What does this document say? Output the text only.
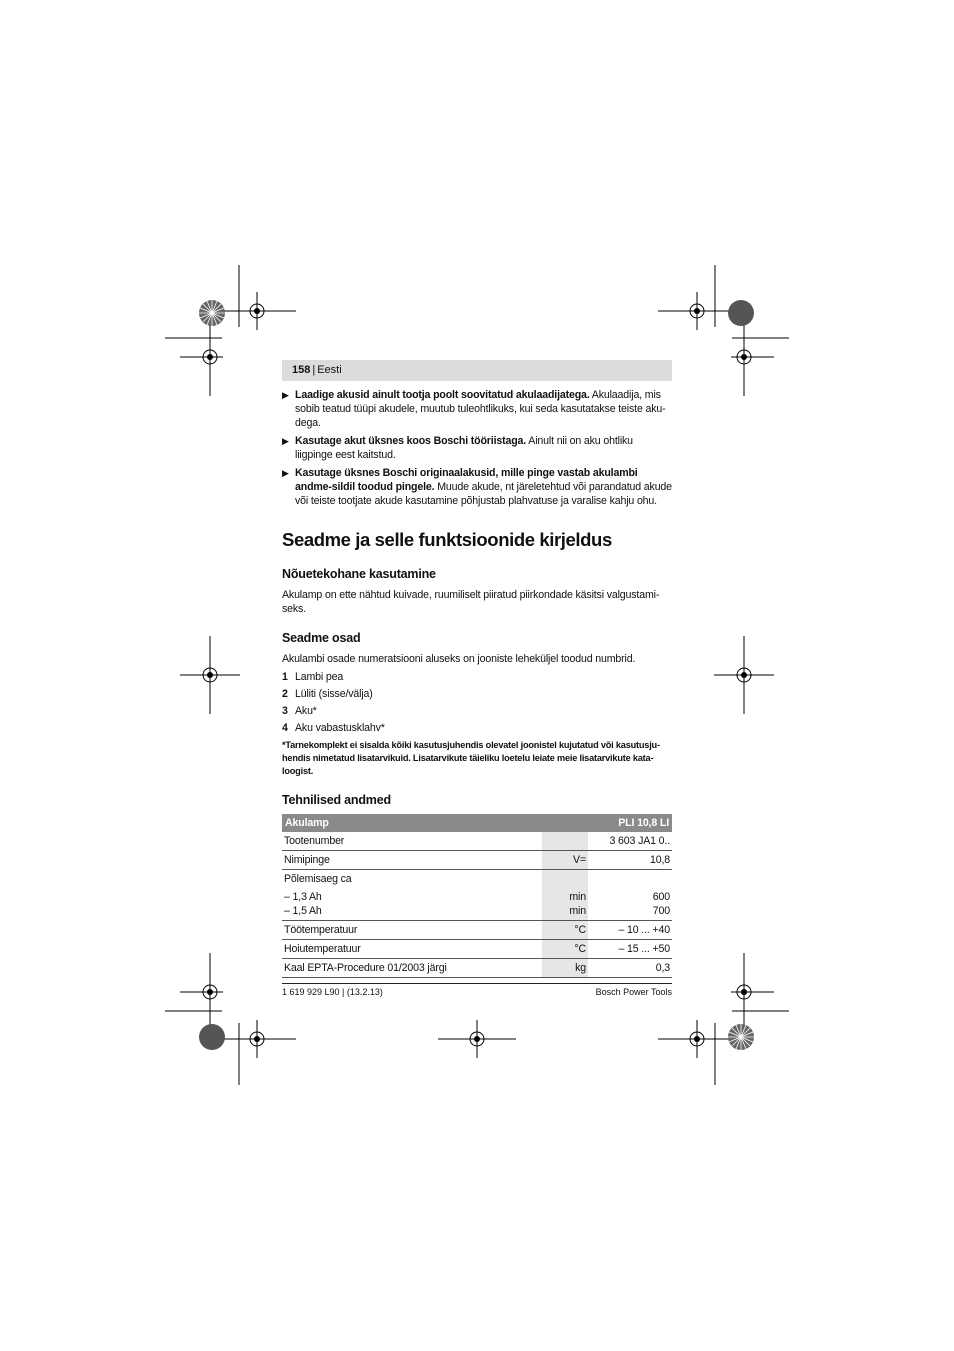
158 | Eesti
▶ Laadige akusid ainult tootja poolt soovitatud akulaadijatega. Akulaadija, mis sobib teatud tüüpi akudele, muutub tuleohtlikuks, kui seda kasutatakse teiste aku-dega.
▶ Kasutage akut üksnes koos Boschi tööriistaga. Ainult nii on aku ohtliku liigpinge eest kaitstud.
▶ Kasutage üksnes Boschi originaalakusid, mille pinge vastab akulambi andme-sildil toodud pingele. Muude akude, nt järeletehtud või parandatud akude või teiste tootjate akude kasutamine põhjustab plahvatuse ja varalise kahju ohu.
Seadme ja selle funktsioonide kirjeldus
Nõuetekohane kasutamine

Akulamp on ette nähtud kuivade, ruumiliselt piiratud piirkondade käsitsi valgustami-seks.

Seadme osad

Akulambi osade numeratsiooni aluseks on jooniste leheküljel toodud numbrid.

1 Lambi pea
2 Lüliti (sisse/välja)
3 Aku*
4 Aku vabastusklahv*

*Tarnekomplekt ei sisalda kõiki kasutusjuhendis olevatel joonistel kujutatud või kasutusju-hendis nimetatud lisatarvikuid. Lisatarvikute täieliku loetelu leiate meie lisatarvikute kata-loogist.

Tehnilised andmed
Akulamp		PLI 10,8 LI
Tootenumber		3 603 JA1 0..
Nimipinge	V=	10,8
Põlemisaeg ca		
– 1,3 Ah	min	600
– 1,5 Ah	min	700
Töötemperatuur	°C	– 10 ... +40
Hoiutemperatuur	°C	– 15 ... +50
Kaal EPTA-Procedure 01/2003 järgi	kg	0,3
1 619 929 L90 | (13.2.13)	Bosch Power Tools
